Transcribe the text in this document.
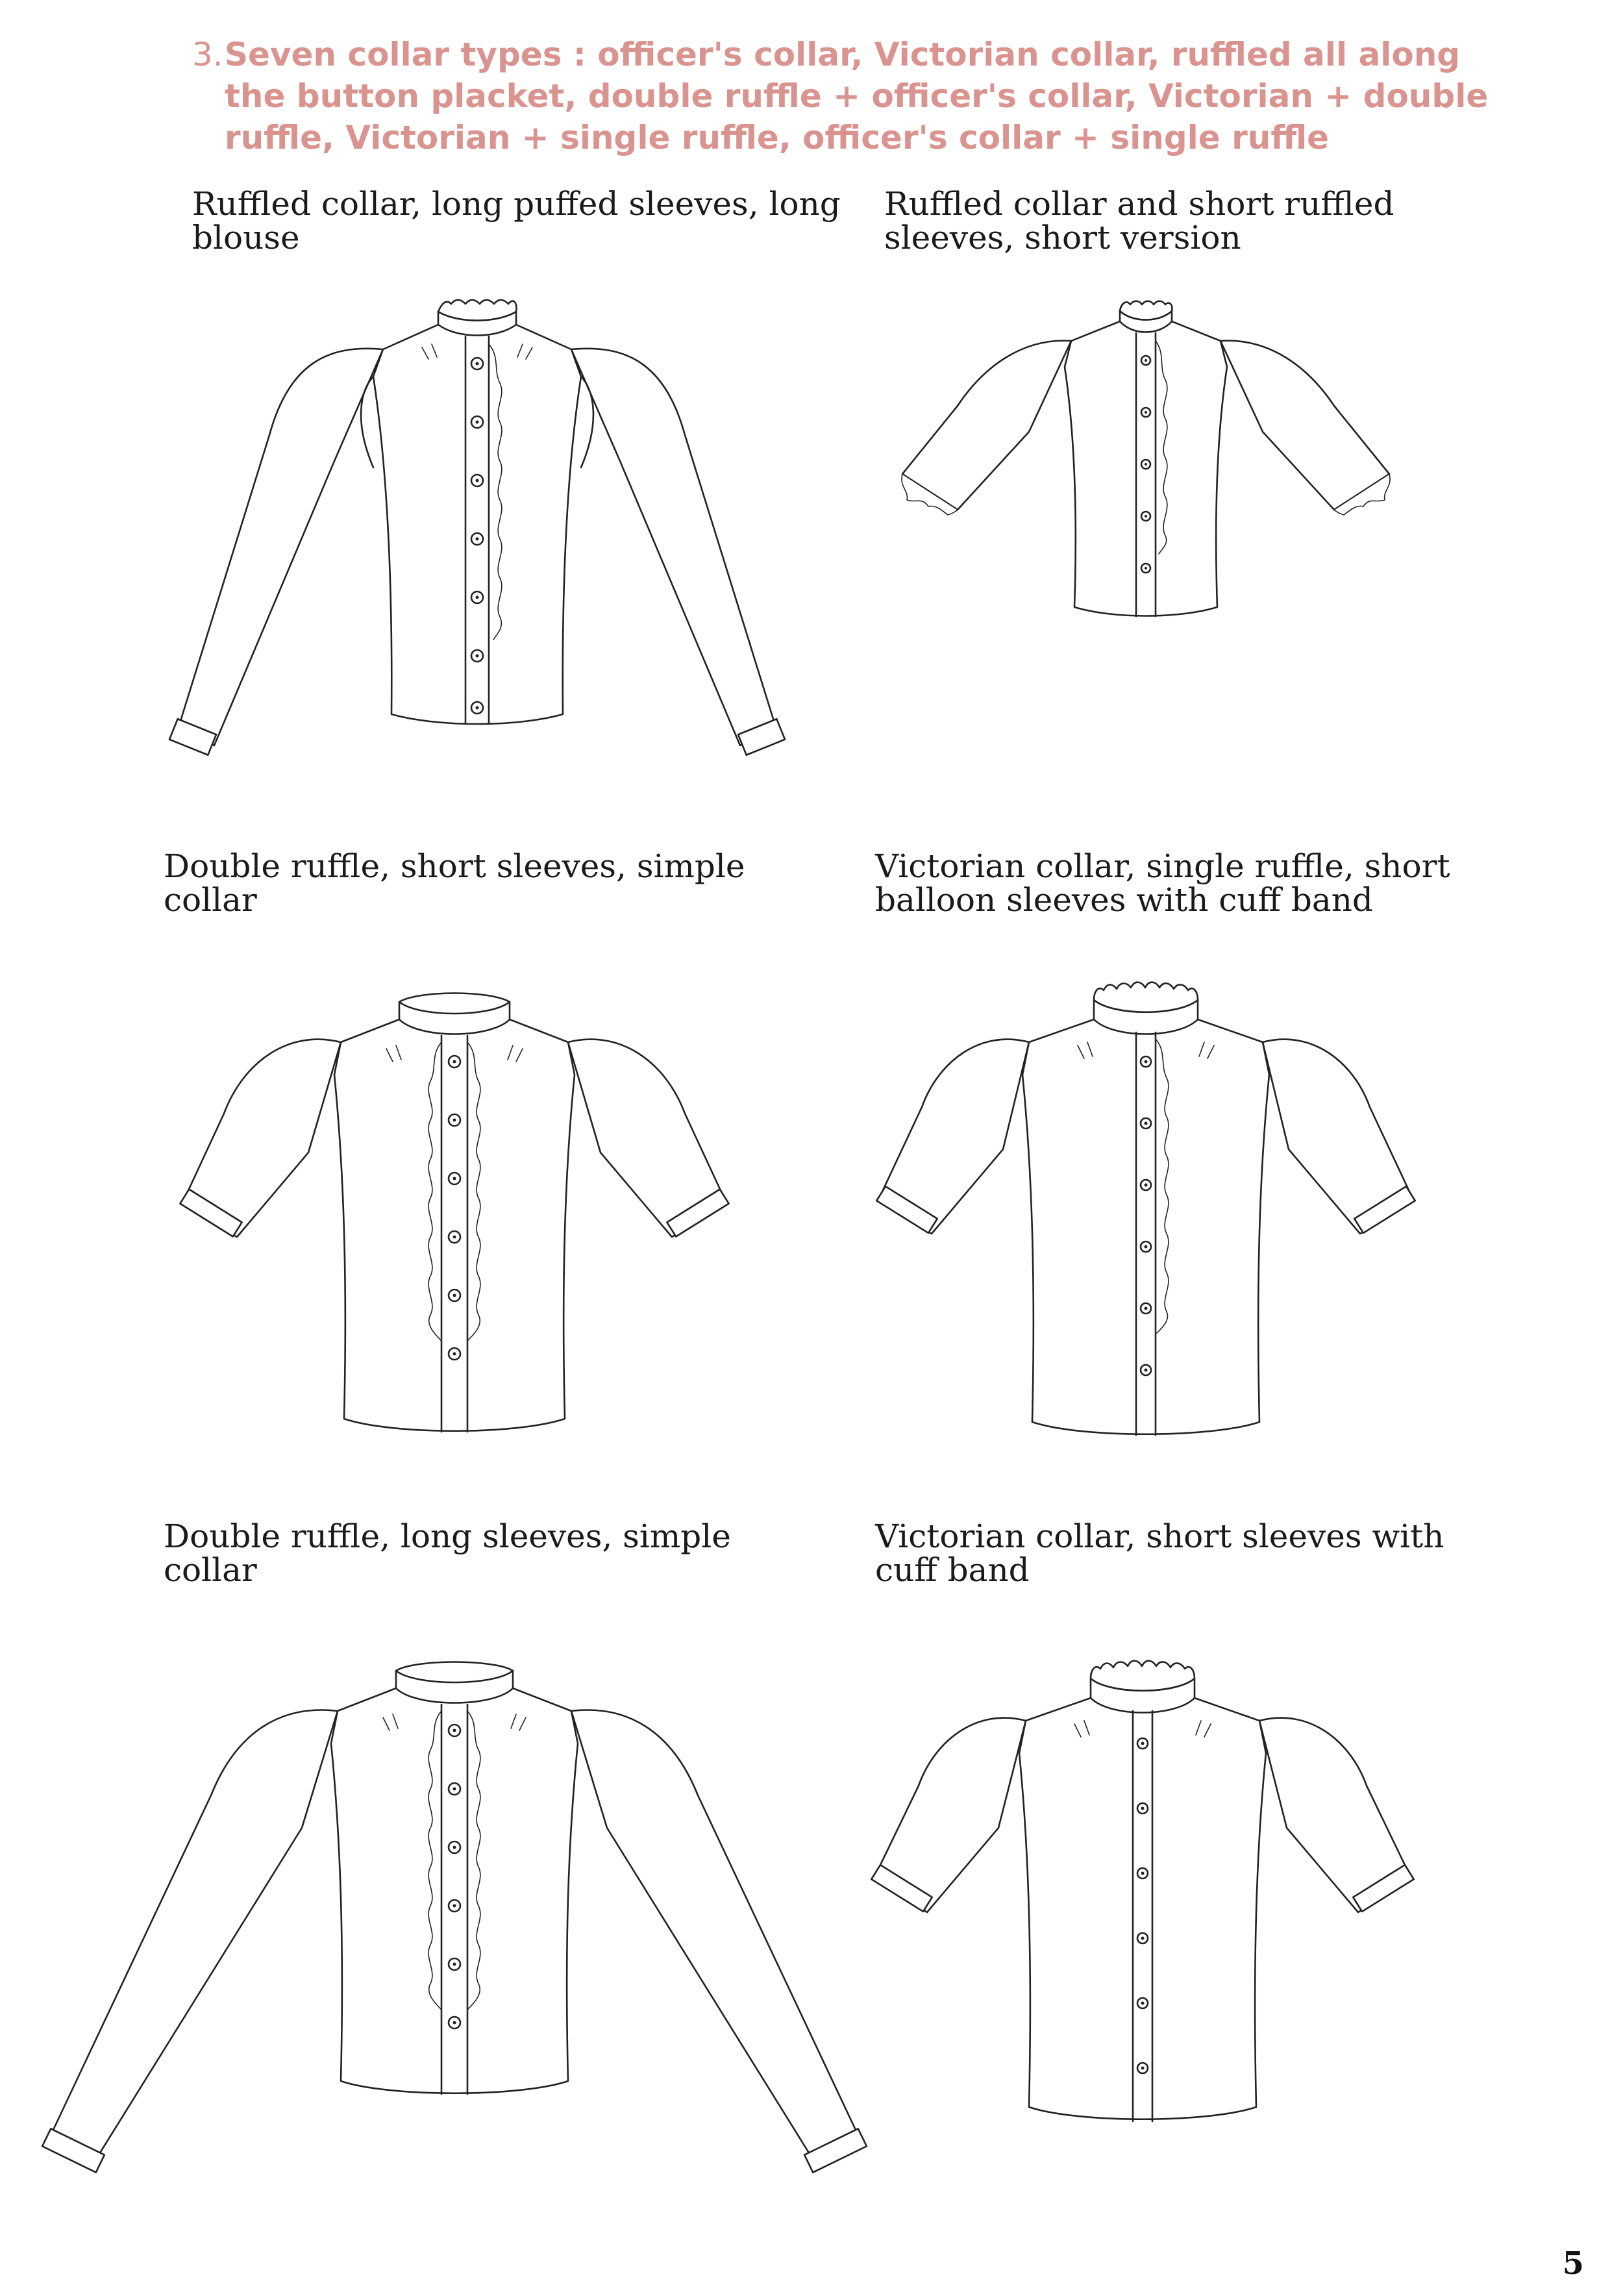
3. Seven collar types : officer's collar, Victorian collar, ruffled all along the button placket, double ruffle + officer's collar, Victorian + double ruffle, Victorian + single ruffle, officer's collar + single ruffle
Ruffled collar, long puffed sleeves, long blouse
Ruffled collar and short ruffled sleeves, short version
Double ruffle, short sleeves, simple collar
Victorian collar, single ruffle, short balloon sleeves with cuff band
Double ruffle, long sleeves, simple collar
Victorian collar, short sleeves with cuff band
5
